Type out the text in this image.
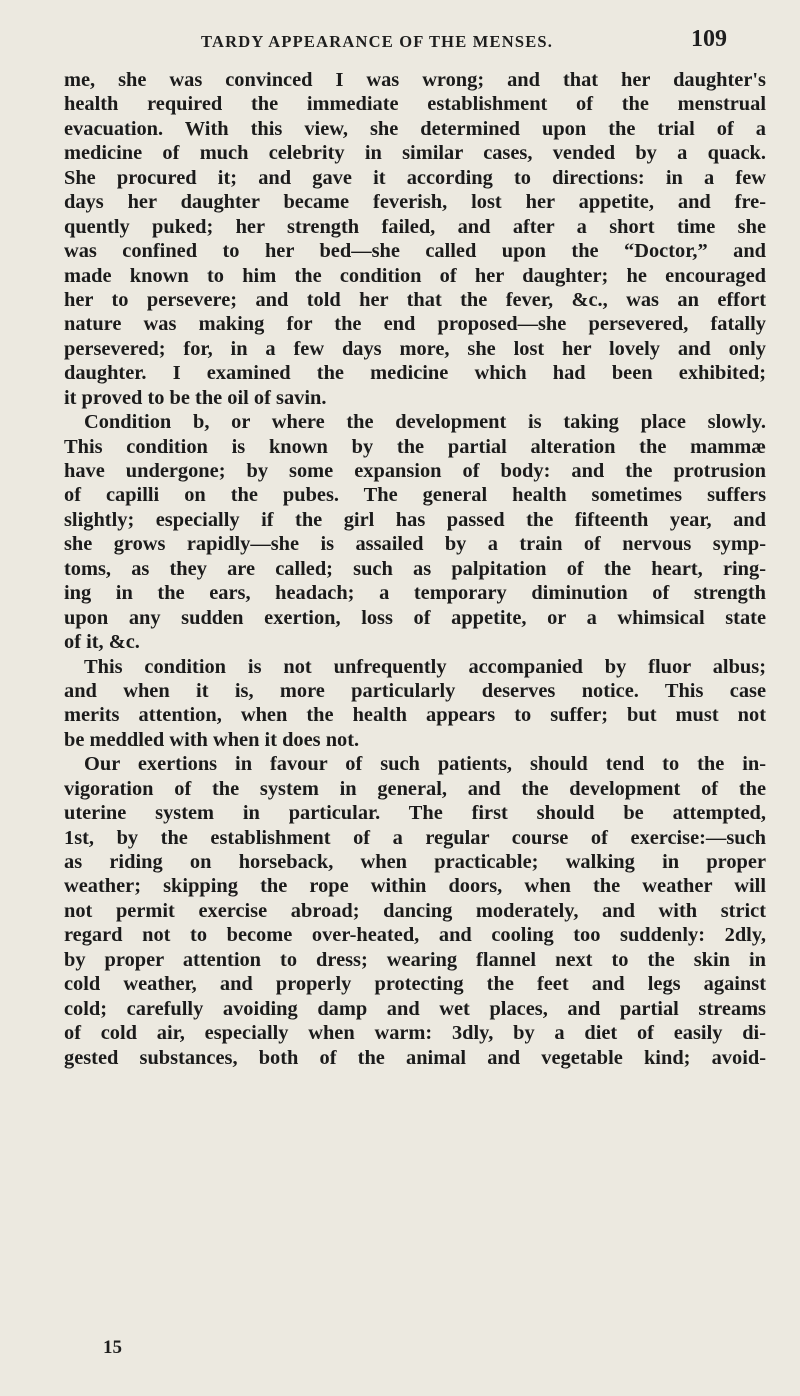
TARDY APPEARANCE OF THE MENSES.	109
me, she was convinced I was wrong; and that her daughter's
health required the immediate establishment of the menstrual
evacuation. With this view, she determined upon the trial of a
medicine of much celebrity in similar cases, vended by a quack.
She procured it; and gave it according to directions: in a few
days her daughter became feverish, lost her appetite, and fre-
quently puked; her strength failed, and after a short time she
was confined to her bed—she called upon the “Doctor,” and
made known to him the condition of her daughter; he encouraged
her to persevere; and told her that the fever, &c., was an effort
nature was making for the end proposed—she persevered, fatally
persevered; for, in a few days more, she lost her lovely and only
daughter. I examined the medicine which had been exhibited;
it proved to be the oil of savin.
Condition b, or where the development is taking place slowly.
This condition is known by the partial alteration the mammæ
have undergone; by some expansion of body: and the protrusion
of capilli on the pubes. The general health sometimes suffers
slightly; especially if the girl has passed the fifteenth year, and
she grows rapidly—she is assailed by a train of nervous symp-
toms, as they are called; such as palpitation of the heart, ring-
ing in the ears, headach; a temporary diminution of strength
upon any sudden exertion, loss of appetite, or a whimsical state
of it, &c.
This condition is not unfrequently accompanied by fluor albus;
and when it is, more particularly deserves notice. This case
merits attention, when the health appears to suffer; but must not
be meddled with when it does not.
Our exertions in favour of such patients, should tend to the in-
vigoration of the system in general, and the development of the
uterine system in particular. The first should be attempted,
1st, by the establishment of a regular course of exercise:—such
as riding on horseback, when practicable; walking in proper
weather; skipping the rope within doors, when the weather will
not permit exercise abroad; dancing moderately, and with strict
regard not to become over-heated, and cooling too suddenly: 2dly,
by proper attention to dress; wearing flannel next to the skin in
cold weather, and properly protecting the feet and legs against
cold; carefully avoiding damp and wet places, and partial streams
of cold air, especially when warm: 3dly, by a diet of easily di-
gested substances, both of the animal and vegetable kind; avoid-
15
